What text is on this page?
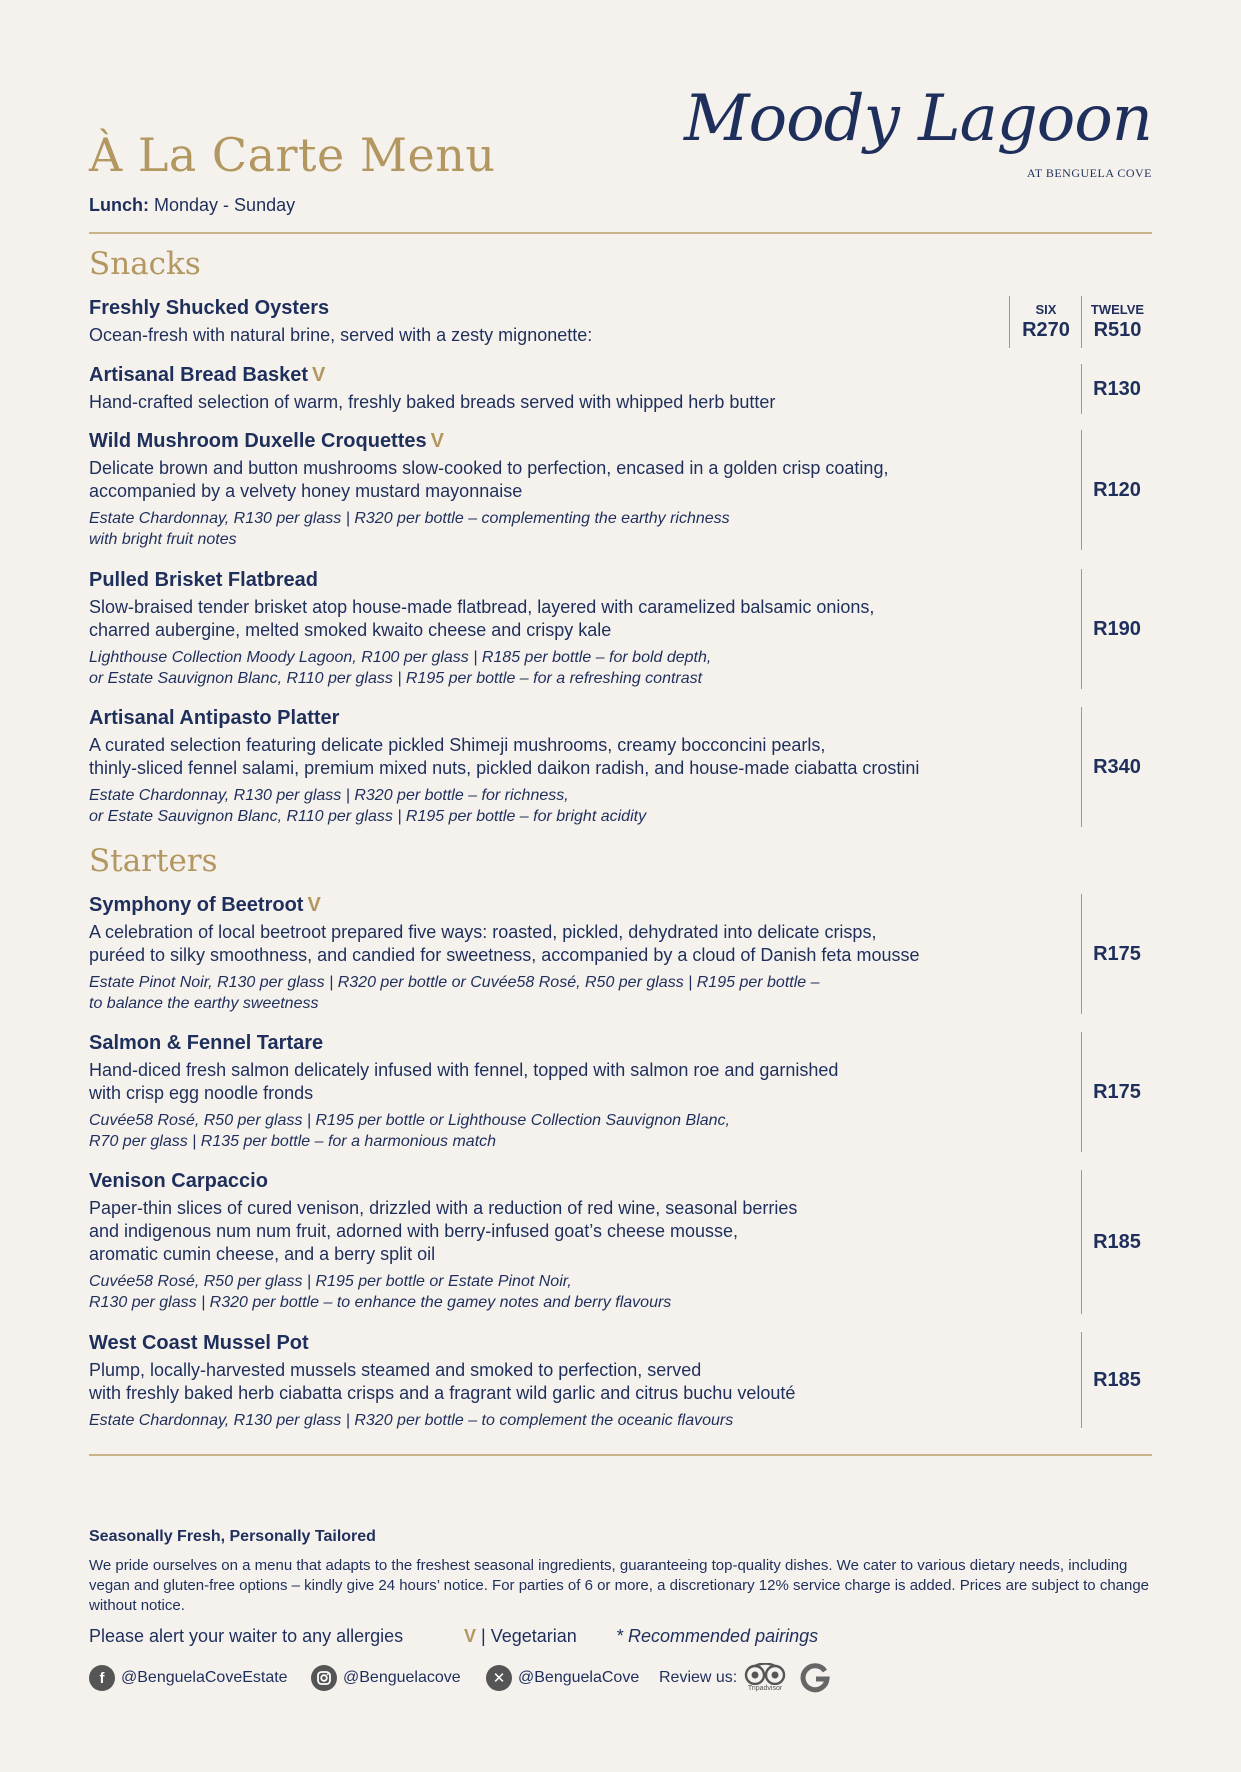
À La Carte Menu
Lunch: Monday - Sunday
Moody Lagoon
AT BENGUELA COVE
Snacks
Freshly Shucked Oysters
Ocean-fresh with natural brine, served with a zesty mignonette:
SIX
R270
TWELVE
R510
Artisanal Bread Basket V
Hand-crafted selection of warm, freshly baked breads served with whipped herb butter
R130
Wild Mushroom Duxelle Croquettes V
Delicate brown and button mushrooms slow-cooked to perfection, encased in a golden crisp coating,
accompanied by a velvety honey mustard mayonnaise
Estate Chardonnay, R130 per glass | R320 per bottle – complementing the earthy richness
with bright fruit notes
R120
Pulled Brisket Flatbread
Slow-braised tender brisket atop house-made flatbread, layered with caramelized balsamic onions,
charred aubergine, melted smoked kwaito cheese and crispy kale
Lighthouse Collection Moody Lagoon, R100 per glass | R185 per bottle – for bold depth,
or Estate Sauvignon Blanc, R110 per glass | R195 per bottle – for a refreshing contrast
R190
Artisanal Antipasto Platter
A curated selection featuring delicate pickled Shimeji mushrooms, creamy bocconcini pearls,
thinly-sliced fennel salami, premium mixed nuts, pickled daikon radish, and house-made ciabatta crostini
Estate Chardonnay, R130 per glass | R320 per bottle – for richness,
or Estate Sauvignon Blanc, R110 per glass | R195 per bottle – for bright acidity
R340
Starters
Symphony of Beetroot V
A celebration of local beetroot prepared five ways: roasted, pickled, dehydrated into delicate crisps,
puréed to silky smoothness, and candied for sweetness, accompanied by a cloud of Danish feta mousse
Estate Pinot Noir, R130 per glass | R320 per bottle or Cuvée58 Rosé, R50 per glass | R195 per bottle –
to balance the earthy sweetness
R175
Salmon & Fennel Tartare
Hand-diced fresh salmon delicately infused with fennel, topped with salmon roe and garnished
with crisp egg noodle fronds
Cuvée58 Rosé, R50 per glass | R195 per bottle or Lighthouse Collection Sauvignon Blanc,
R70 per glass | R135 per bottle – for a harmonious match
R175
Venison Carpaccio
Paper-thin slices of cured venison, drizzled with a reduction of red wine, seasonal berries
and indigenous num num fruit, adorned with berry-infused goat’s cheese mousse,
aromatic cumin cheese, and a berry split oil
Cuvée58 Rosé, R50 per glass | R195 per bottle or Estate Pinot Noir,
R130 per glass | R320 per bottle – to enhance the gamey notes and berry flavours
R185
West Coast Mussel Pot
Plump, locally-harvested mussels steamed and smoked to perfection, served
with freshly baked herb ciabatta crisps and a fragrant wild garlic and citrus buchu velouté
Estate Chardonnay, R130 per glass | R320 per bottle – to complement the oceanic flavours
R185
Seasonally Fresh, Personally Tailored
We pride ourselves on a menu that adapts to the freshest seasonal ingredients, guaranteeing top-quality dishes. We cater to various dietary needs, including vegan and gluten-free options – kindly give 24 hours’ notice. For parties of 6 or more, a discretionary 12% service charge is added. Prices are subject to change without notice.
Please alert your waiter to any allergies	V | Vegetarian * Recommended pairings
f	@BenguelaCoveEstate	@Benguelacove	✕ @BenguelaCove Review us:
Tripadvisor
